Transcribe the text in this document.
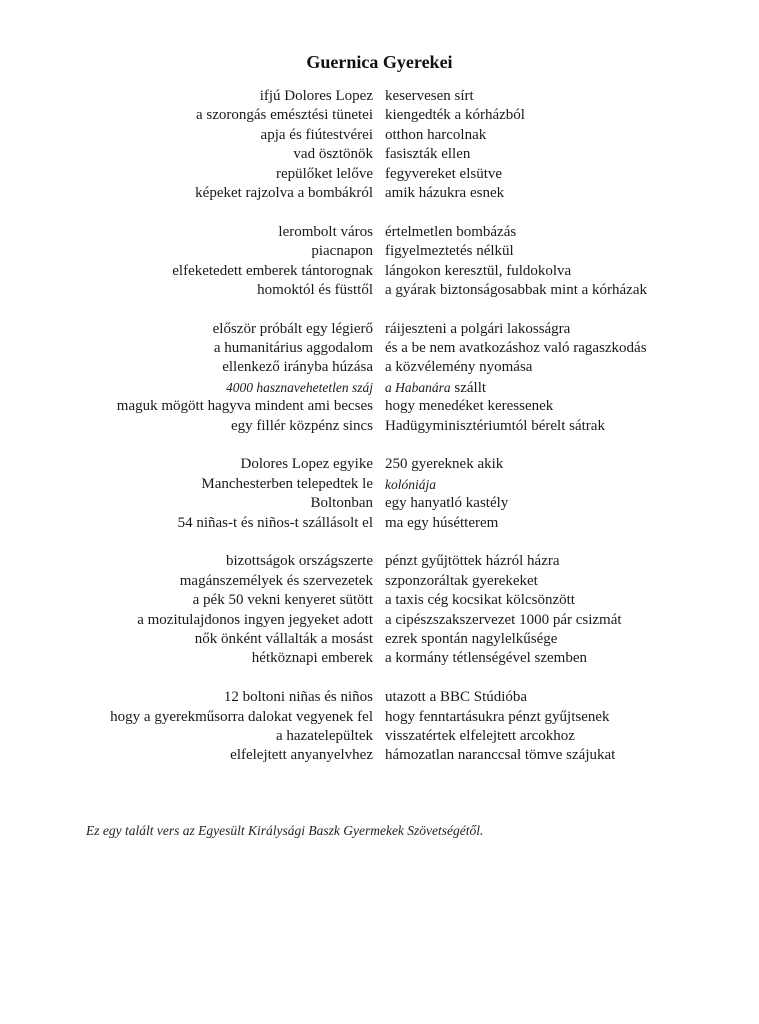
Guernica Gyerekei
ifjú Dolores Lopez keservesen sírt
a szorongás emésztési tünetei kiengedték a kórházból
apja és fiútestvérei otthon harcolnak
vad ösztönök fasiszták ellen
repülőket lelőve fegyvereket elsütve
képeket rajzolva a bombákról amik házukra esnek
lerombolt város értelmetlen bombázás
piacnapon figyelmeztetés nélkül
elfeketedett emberek tántorognak lángokon keresztül, fuldokolva
homoktól és füsttől a gyárak biztonságosabbak mint a kórházak
először próbált egy légierő ráijeszteni a polgári lakosságra
a humanitárius aggodalom és a be nem avatkozáshoz való ragaszkodás
ellenkező irányba húzása a közvélemény nyomása
4000 hasznavehetetlen száj a Habanára szállt
maguk mögött hagyva mindent ami becses hogy menedéket keressenek
egy fillér közpénz sincs Hadügyminisztériumtól bérelt sátrak
Dolores Lopez egyike 250 gyereknek akik
Manchesterben telepedtek le kolóniája
Boltonban egy hanyatló kastély
54 niñas-t és niños-t szállásolt el ma egy húsétterem
bizottságok országszerte pénzt gyűjtöttek házról házra
magánszemélyek és szervezetek szponzoráltak gyerekeket
a pék 50 vekni kenyeret sütött a taxis cég kocsikat kölcsönzött
a mozitulajdonos ingyen jegyeket adott a cipészszakszervezet 1000 pár csizmát
nők önként vállalták a mosást ezrek spontán nagylelkűsége
hétköznapi emberek a kormány tétlenségével szemben
12 boltoni niñas és niños utazott a BBC Stúdióba
hogy a gyerekműsorra dalokat vegyenek fel hogy fenntartásukra pénzt gyűjtsenek
a hazatelepültek visszatértek elfelejtett arcokhoz
elfelejtett anyanyelvhez hámozatlan naranccsal tömve szájukat
Ez egy talált vers az Egyesült Királysági Baszk Gyermekek Szövetségétől.
